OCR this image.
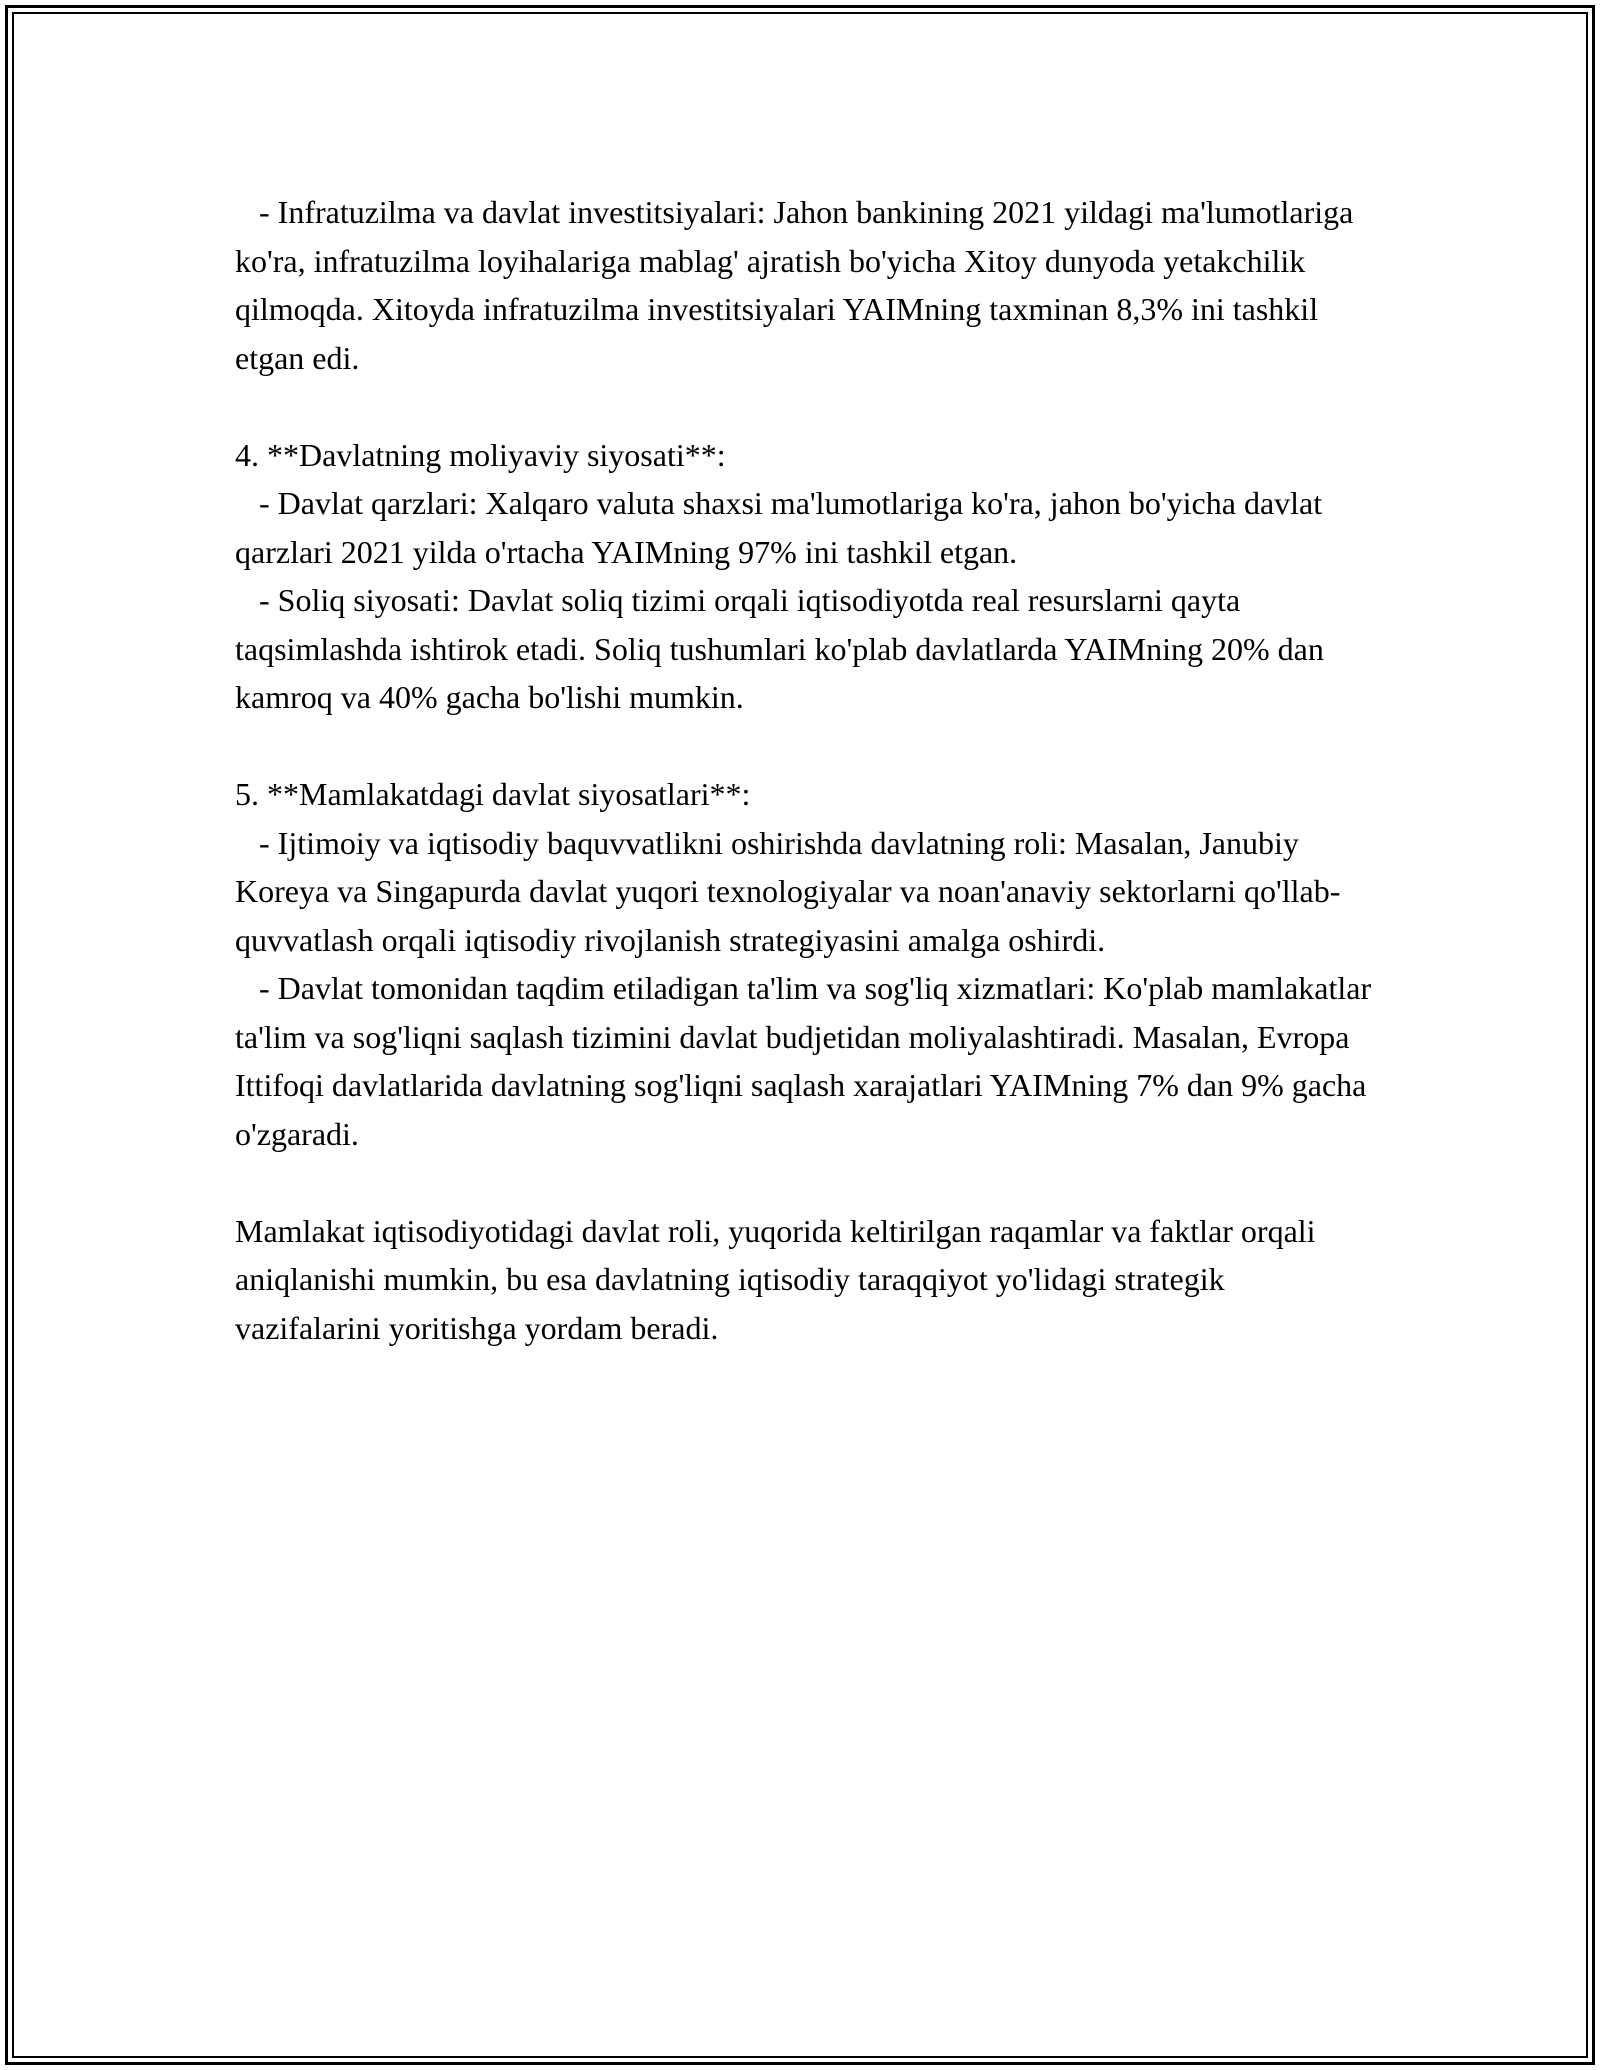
- Infratuzilma va davlat investitsiyalari: Jahon bankining 2021 yildagi ma'lumotlariga ko'ra, infratuzilma loyihalariga mablag' ajratish bo'yicha Xitoy dunyoda yetakchilik qilmoqda. Xitoyda infratuzilma investitsiyalari YAIMning taxminan 8,3% ini tashkil etgan edi.

4. **Davlatning moliyaviy siyosati**:

- Davlat qarzlari: Xalqaro valuta shaxsi ma'lumotlariga ko'ra, jahon bo'yicha davlat qarzlari 2021 yilda o'rtacha YAIMning 97% ini tashkil etgan.

- Soliq siyosati: Davlat soliq tizimi orqali iqtisodiyotda real resurslarni qayta taqsimlashda ishtirok etadi. Soliq tushumlari ko'plab davlatlarda YAIMning 20% dan kamroq va 40% gacha bo'lishi mumkin.

5. **Mamlakatdagi davlat siyosatlari**:

- Ijtimoiy va iqtisodiy baquvvatlikni oshirishda davlatning roli: Masalan, Janubiy Koreya va Singapurda davlat yuqori texnologiyalar va noan'anaviy sektorlarni qo'llab-quvvatlash orqali iqtisodiy rivojlanish strategiyasini amalga oshirdi.

- Davlat tomonidan taqdim etiladigan ta'lim va sog'liq xizmatlari: Ko'plab mamlakatlar ta'lim va sog'liqni saqlash tizimini davlat budjetidan moliyalashtiradi. Masalan, Evropa Ittifoqi davlatlarida davlatning sog'liqni saqlash xarajatlari YAIMning 7% dan 9% gacha o'zgaradi.

Mamlakat iqtisodiyotidagi davlat roli, yuqorida keltirilgan raqamlar va faktlar orqali aniqlanishi mumkin, bu esa davlatning iqtisodiy taraqqiyot yo'lidagi strategik vazifalarini yoritishga yordam beradi.
